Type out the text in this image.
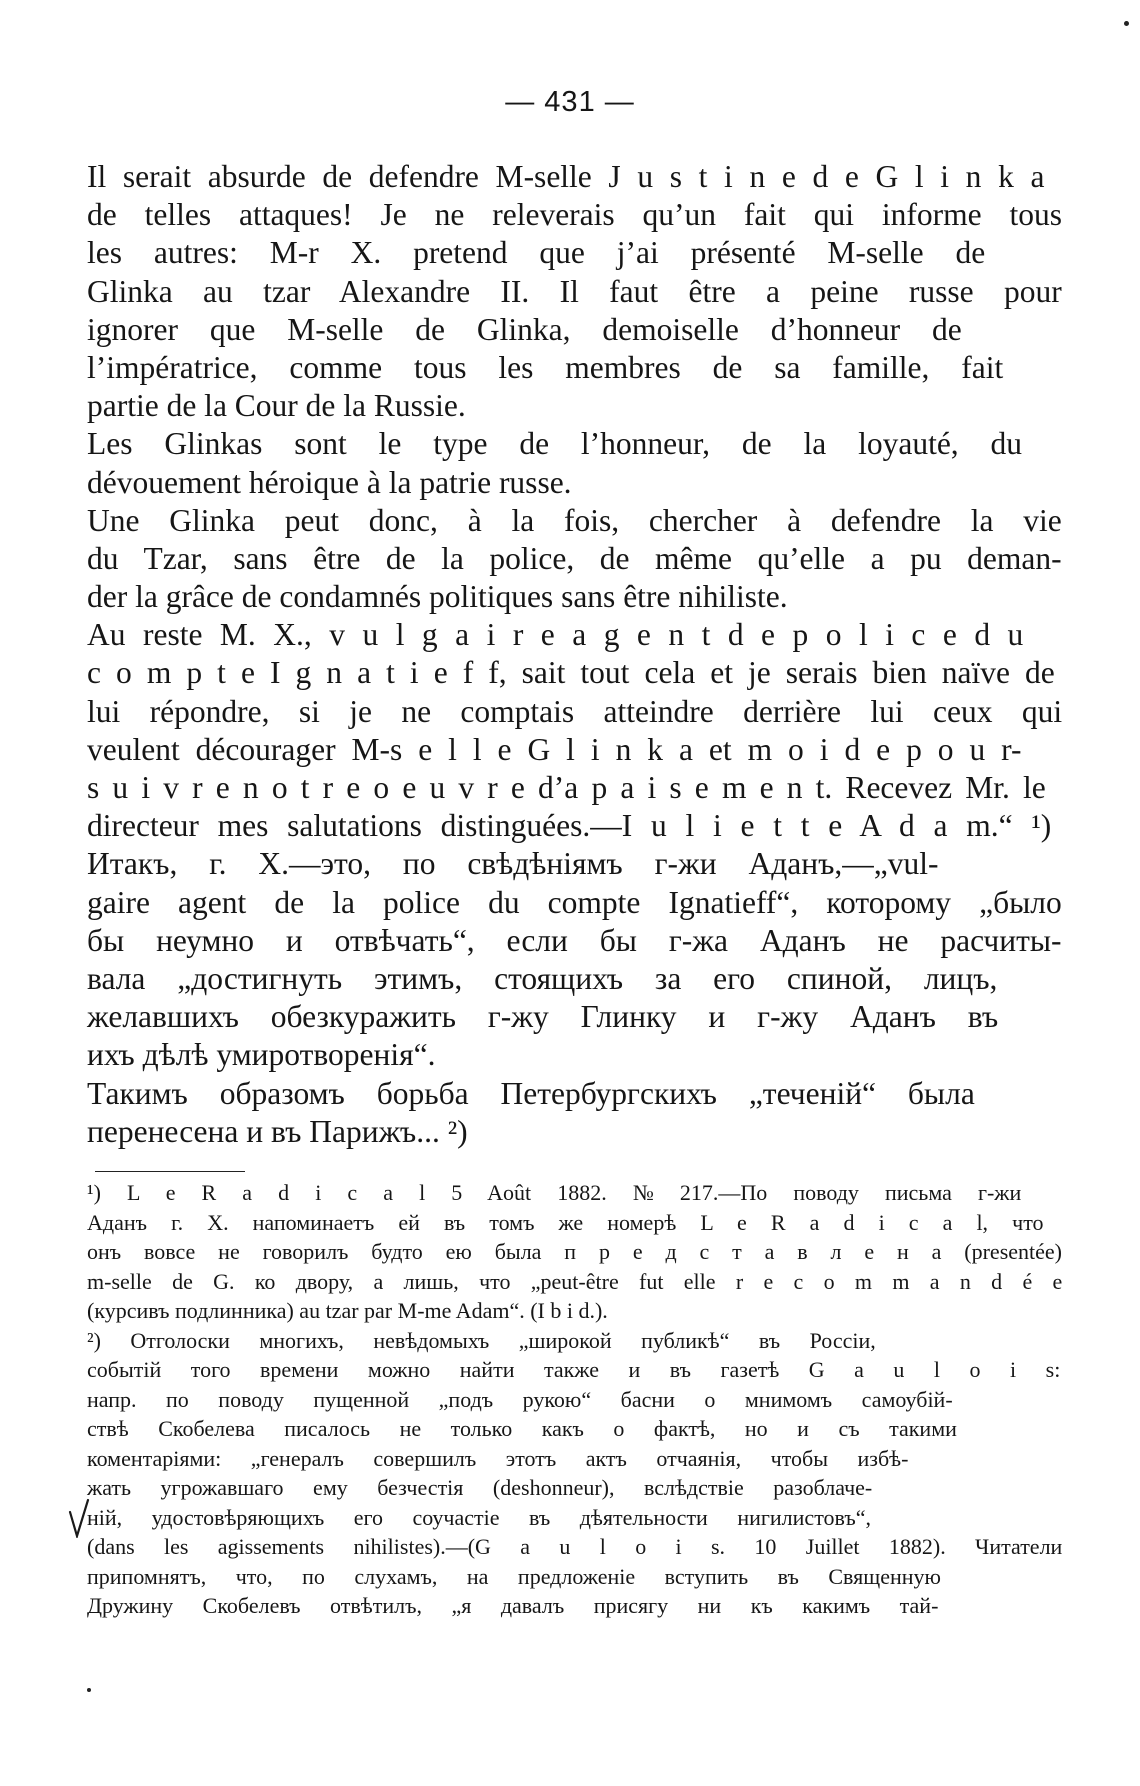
— 431 —
Il serait absurde de defendre M-selle J u s t i n e d e G l i n k a
de telles attaques! Je ne releverais qu’un fait qui informe tous
les autres: M-r X. pretend que j’ai présenté M-selle de
Glinka au tzar Alexandre II. Il faut être a peine russe pour
ignorer que M-selle de Glinka, demoiselle d’honneur de
l’impératrice, comme tous les membres de sa famille, fait
partie de la Cour de la Russie.
Les Glinkas sont le type de l’honneur, de la loyauté, du
dévouement héroique à la patrie russe.
Une Glinka peut donc, à la fois, chercher à defendre la vie
du Tzar, sans être de la police, de même qu’elle a pu deman-
der la grâce de condamnés politiques sans être nihiliste.
Au reste M. X., v u l g a i r e a g e n t d e p o l i c e d u
c o m p t e I g n a t i e f f, sait tout cela et je serais bien naïve de
lui répondre, si je ne comptais atteindre derrière lui ceux qui
veulent décourager M-s e l l e G l i n k a et m o i d e p o u r-
s u i v r e n o t r e o e u v r e d’a p a i s e m e n t. Recevez Mr. le
directeur mes salutations distinguées.—I u l i e t t e A d a m.“ ¹)
Итакъ, г. X.—это, по свѣдѣніямъ г-жи Аданъ,—„vul-
gaire agent de la police du compte Ignatieff“, которому „было
бы неумно и отвѣчать“, если бы г-жа Аданъ не расчиты-
вала „достигнуть этимъ, стоящихъ за его спиной, лицъ,
желавшихъ обезкуражить г-жу Глинку и г-жу Аданъ въ
ихъ дѣлѣ умиротворенія“.
Такимъ образомъ борьба Петербургскихъ „теченій“ была
перенесена и въ Парижъ... ²)
¹) L e R a d i c a l 5 Août 1882. № 217.—По поводу письма г-жи
Аданъ г. X. напоминаетъ ей въ томъ же номерѣ L e R a d i c a l, что
онъ вовсе не говорилъ будто ею была п р е д с т а в л е н а (presentée)
m-selle de G. ко двору, а лишь, что „peut-être fut elle r e c o m m a n d é e
(курсивъ подлинника) au tzar par M-me Adam“. (I b i d.).
²) Отголоски многихъ, невѣдомыхъ „широкой публикѣ“ въ Россіи,
событій того времени можно найти также и въ газетѣ G a u l o i s:
напр. по поводу пущенной „подъ рукою“ басни о мнимомъ самоубій-
ствѣ Скобелева писалось не только какъ о фактѣ, но и съ такими
коментаріями: „генералъ совершилъ этотъ актъ отчаянія, чтобы избѣ-
жать угрожавшаго ему безчестія (deshonneur), вслѣдствіе разоблаче-
ній, удостовѣряющихъ его соучастіе въ дѣятельности нигилистовъ“,
(dans les agissements nihilistes).—(G a u l o i s. 10 Juillet 1882). Читатели
припомнятъ, что, по слухамъ, на предложеніе вступить въ Священную
Дружину Скобелевъ отвѣтилъ, „я давалъ присягу ни къ какимъ тай-
